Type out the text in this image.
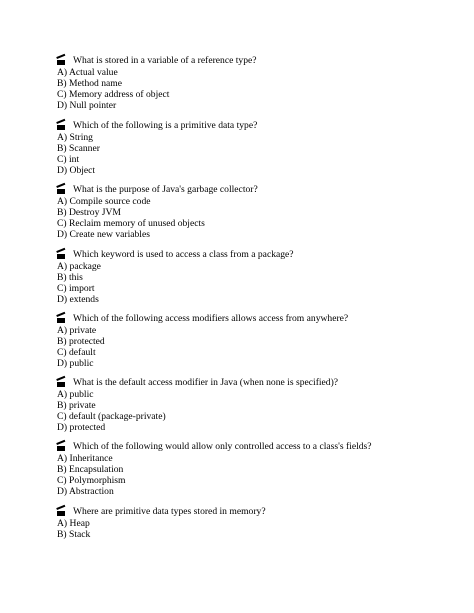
What is stored in a variable of a reference type?
A) Actual value
B) Method name
C) Memory address of object
D) Null pointer
Which of the following is a primitive data type?
A) String
B) Scanner
C) int
D) Object
What is the purpose of Java's garbage collector?
A) Compile source code
B) Destroy JVM
C) Reclaim memory of unused objects
D) Create new variables
Which keyword is used to access a class from a package?
A) package
B) this
C) import
D) extends
Which of the following access modifiers allows access from anywhere?
A) private
B) protected
C) default
D) public
What is the default access modifier in Java (when none is specified)?
A) public
B) private
C) default (package-private)
D) protected
Which of the following would allow only controlled access to a class's fields?
A) Inheritance
B) Encapsulation
C) Polymorphism
D) Abstraction
Where are primitive data types stored in memory?
A) Heap
B) Stack
